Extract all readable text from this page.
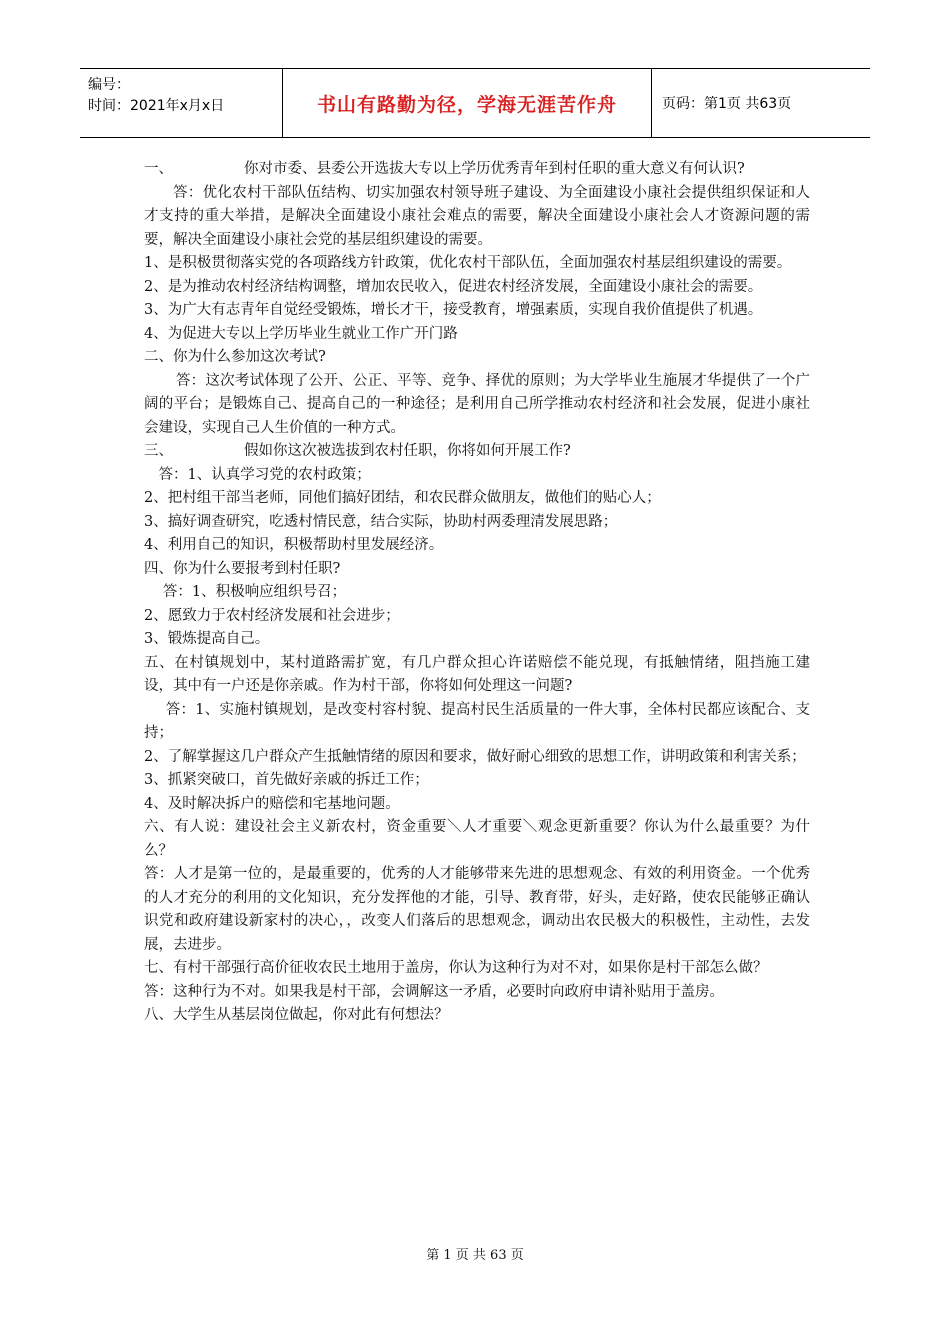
编号：
时间：2021年x月x日	书山有路勤为径，学海无涯苦作舟	页码：第1页 共63页

一、	你对市委、县委公开选拔大专以上学历优秀青年到村任职的重大意义有何认识?

答：优化农村干部队伍结构、切实加强农村领导班子建设、为全面建设小康社会提供组织保证和人才支持的重大举措，是解决全面建设小康社会难点的需要，解决全面建设小康社会人才资源问题的需要，解决全面建设小康社会党的基层组织建设的需要。

1、是积极贯彻落实党的各项路线方针政策，优化农村干部队伍，全面加强农村基层组织建设的需要。

2、是为推动农村经济结构调整，增加农民收入，促进农村经济发展，全面建设小康社会的需要。

3、为广大有志青年自觉经受锻炼，增长才干，接受教育，增强素质，实现自我价值提供了机遇。

4、为促进大专以上学历毕业生就业工作广开门路

二、你为什么参加这次考试?

答：这次考试体现了公开、公正、平等、竞争、择优的原则；为大学毕业生施展才华提供了一个广阔的平台；是锻炼自己、提高自己的一种途径；是利用自己所学推动农村经济和社会发展，促进小康社会建设，实现自己人生价值的一种方式。

三、	假如你这次被选拔到农村任职，你将如何开展工作?

答：1、认真学习党的农村政策；

2、把村组干部当老师，同他们搞好团结，和农民群众做朋友，做他们的贴心人；

3、搞好调查研究，吃透村情民意，结合实际，协助村两委理清发展思路；

4、利用自己的知识，积极帮助村里发展经济。

四、你为什么要报考到村任职?

答：1、积极响应组织号召；

2、愿致力于农村经济发展和社会进步；

3、锻炼提高自己。

五、在村镇规划中，某村道路需扩宽，有几户群众担心许诺赔偿不能兑现，有抵触情绪，阻挡施工建设，其中有一户还是你亲戚。作为村干部，你将如何处理这一问题?

答：1、实施村镇规划，是改变村容村貌、提高村民生活质量的一件大事，全体村民都应该配合、支持；

2、了解掌握这几户群众产生抵触情绪的原因和要求，做好耐心细致的思想工作，讲明政策和利害关系；

3、抓紧突破口，首先做好亲戚的拆迁工作；

4、及时解决拆户的赔偿和宅基地问题。

六、有人说：建设社会主义新农村，资金重要＼人才重要＼观念更新重要？你认为什么最重要？为什么？

答：人才是第一位的，是最重要的，优秀的人才能够带来先进的思想观念、有效的利用资金。一个优秀的人才充分的利用的文化知识，充分发挥他的才能，引导、教育带，好头，走好路，使农民能够正确认识党和政府建设新家村的决心，，改变人们落后的思想观念，调动出农民极大的积极性，主动性，去发展，去进步。

七、有村干部强行高价征收农民土地用于盖房，你认为这种行为对不对，如果你是村干部怎么做？

答：这种行为不对。如果我是村干部，会调解这一矛盾，必要时向政府申请补贴用于盖房。

八、大学生从基层岗位做起，你对此有何想法？

第 1 页 共 63 页
